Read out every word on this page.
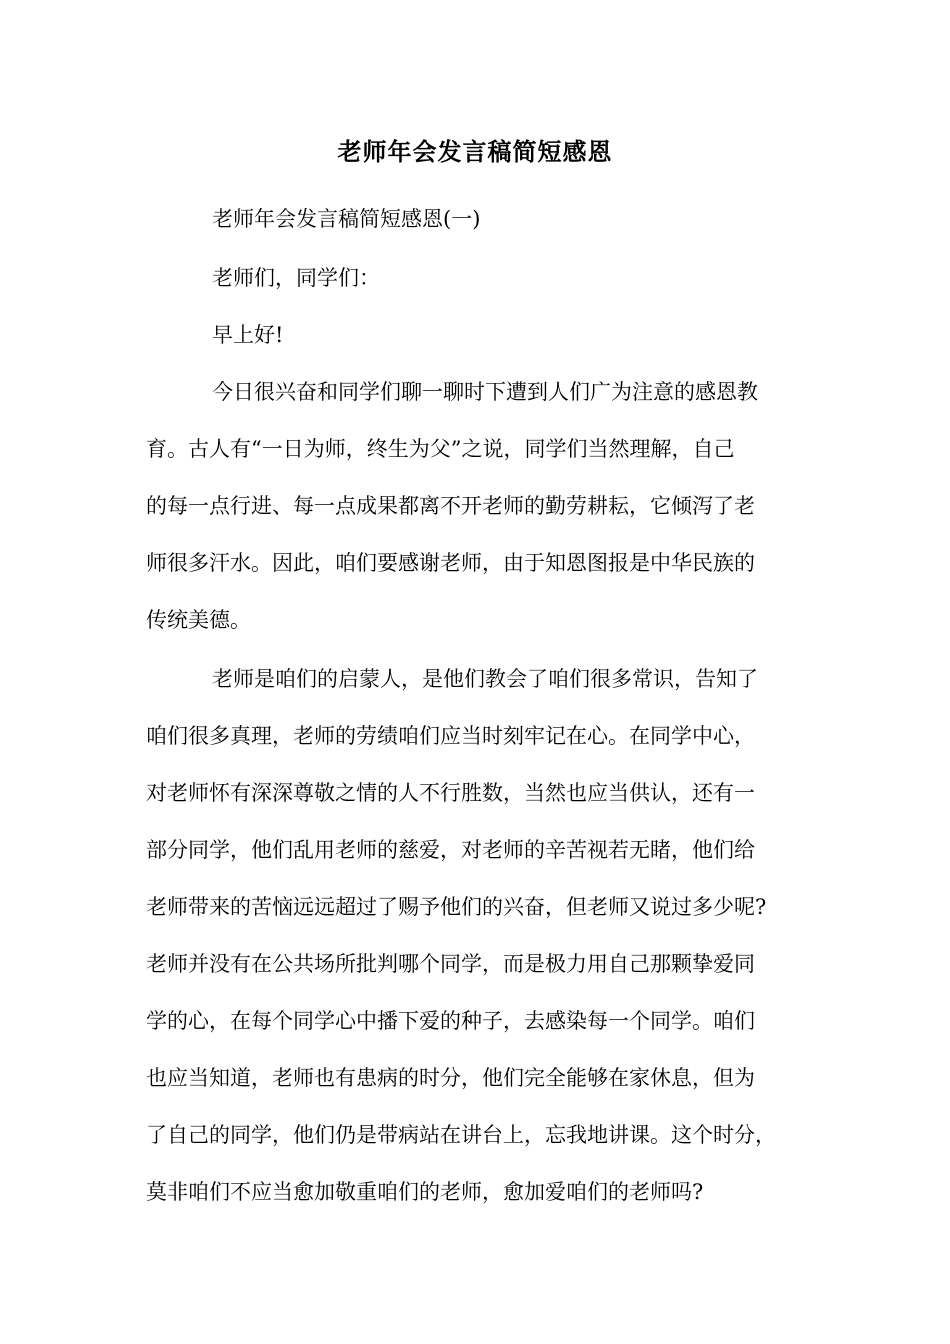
老师年会发言稿简短感恩
老师年会发言稿简短感恩(一)
老师们，同学们：
早上好!
今日很兴奋和同学们聊一聊时下遭到人们广为注意的感恩教
育。古人有“一日为师，终生为父”之说，同学们当然理解，自己
的每一点行进、每一点成果都离不开老师的勤劳耕耘，它倾泻了老
师很多汗水。因此，咱们要感谢老师，由于知恩图报是中华民族的
传统美德。
老师是咱们的启蒙人，是他们教会了咱们很多常识，告知了
咱们很多真理，老师的劳绩咱们应当时刻牢记在心。在同学中心，
对老师怀有深深尊敬之情的人不行胜数，当然也应当供认，还有一
部分同学，他们乱用老师的慈爱，对老师的辛苦视若无睹，他们给
老师带来的苦恼远远超过了赐予他们的兴奋，但老师又说过多少呢?
老师并没有在公共场所批判哪个同学，而是极力用自己那颗挚爱同
学的心，在每个同学心中播下爱的种子，去感染每一个同学。咱们
也应当知道，老师也有患病的时分，他们完全能够在家休息，但为
了自己的同学，他们仍是带病站在讲台上，忘我地讲课。这个时分，
莫非咱们不应当愈加敬重咱们的老师，愈加爱咱们的老师吗?
